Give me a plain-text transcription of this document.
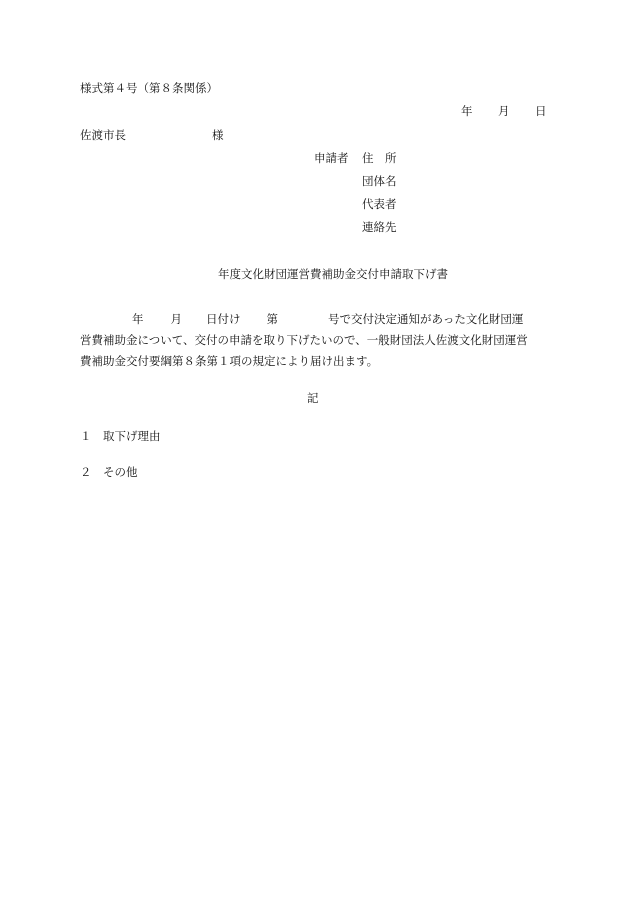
様式第４号（第８条関係）
年 月 日
佐渡市長	様
申請者 住　所
団体名
代表者
連絡先
年度文化財団運営費補助金交付申請取下げ書
年 月 日付け 第	号で交付決定通知があった文化財団運
営費補助金について、交付の申請を取り下げたいので、一般財団法人佐渡文化財団運営
費補助金交付要綱第８条第１項の規定により届け出ます。
記
１ 取下げ理由
２ その他
